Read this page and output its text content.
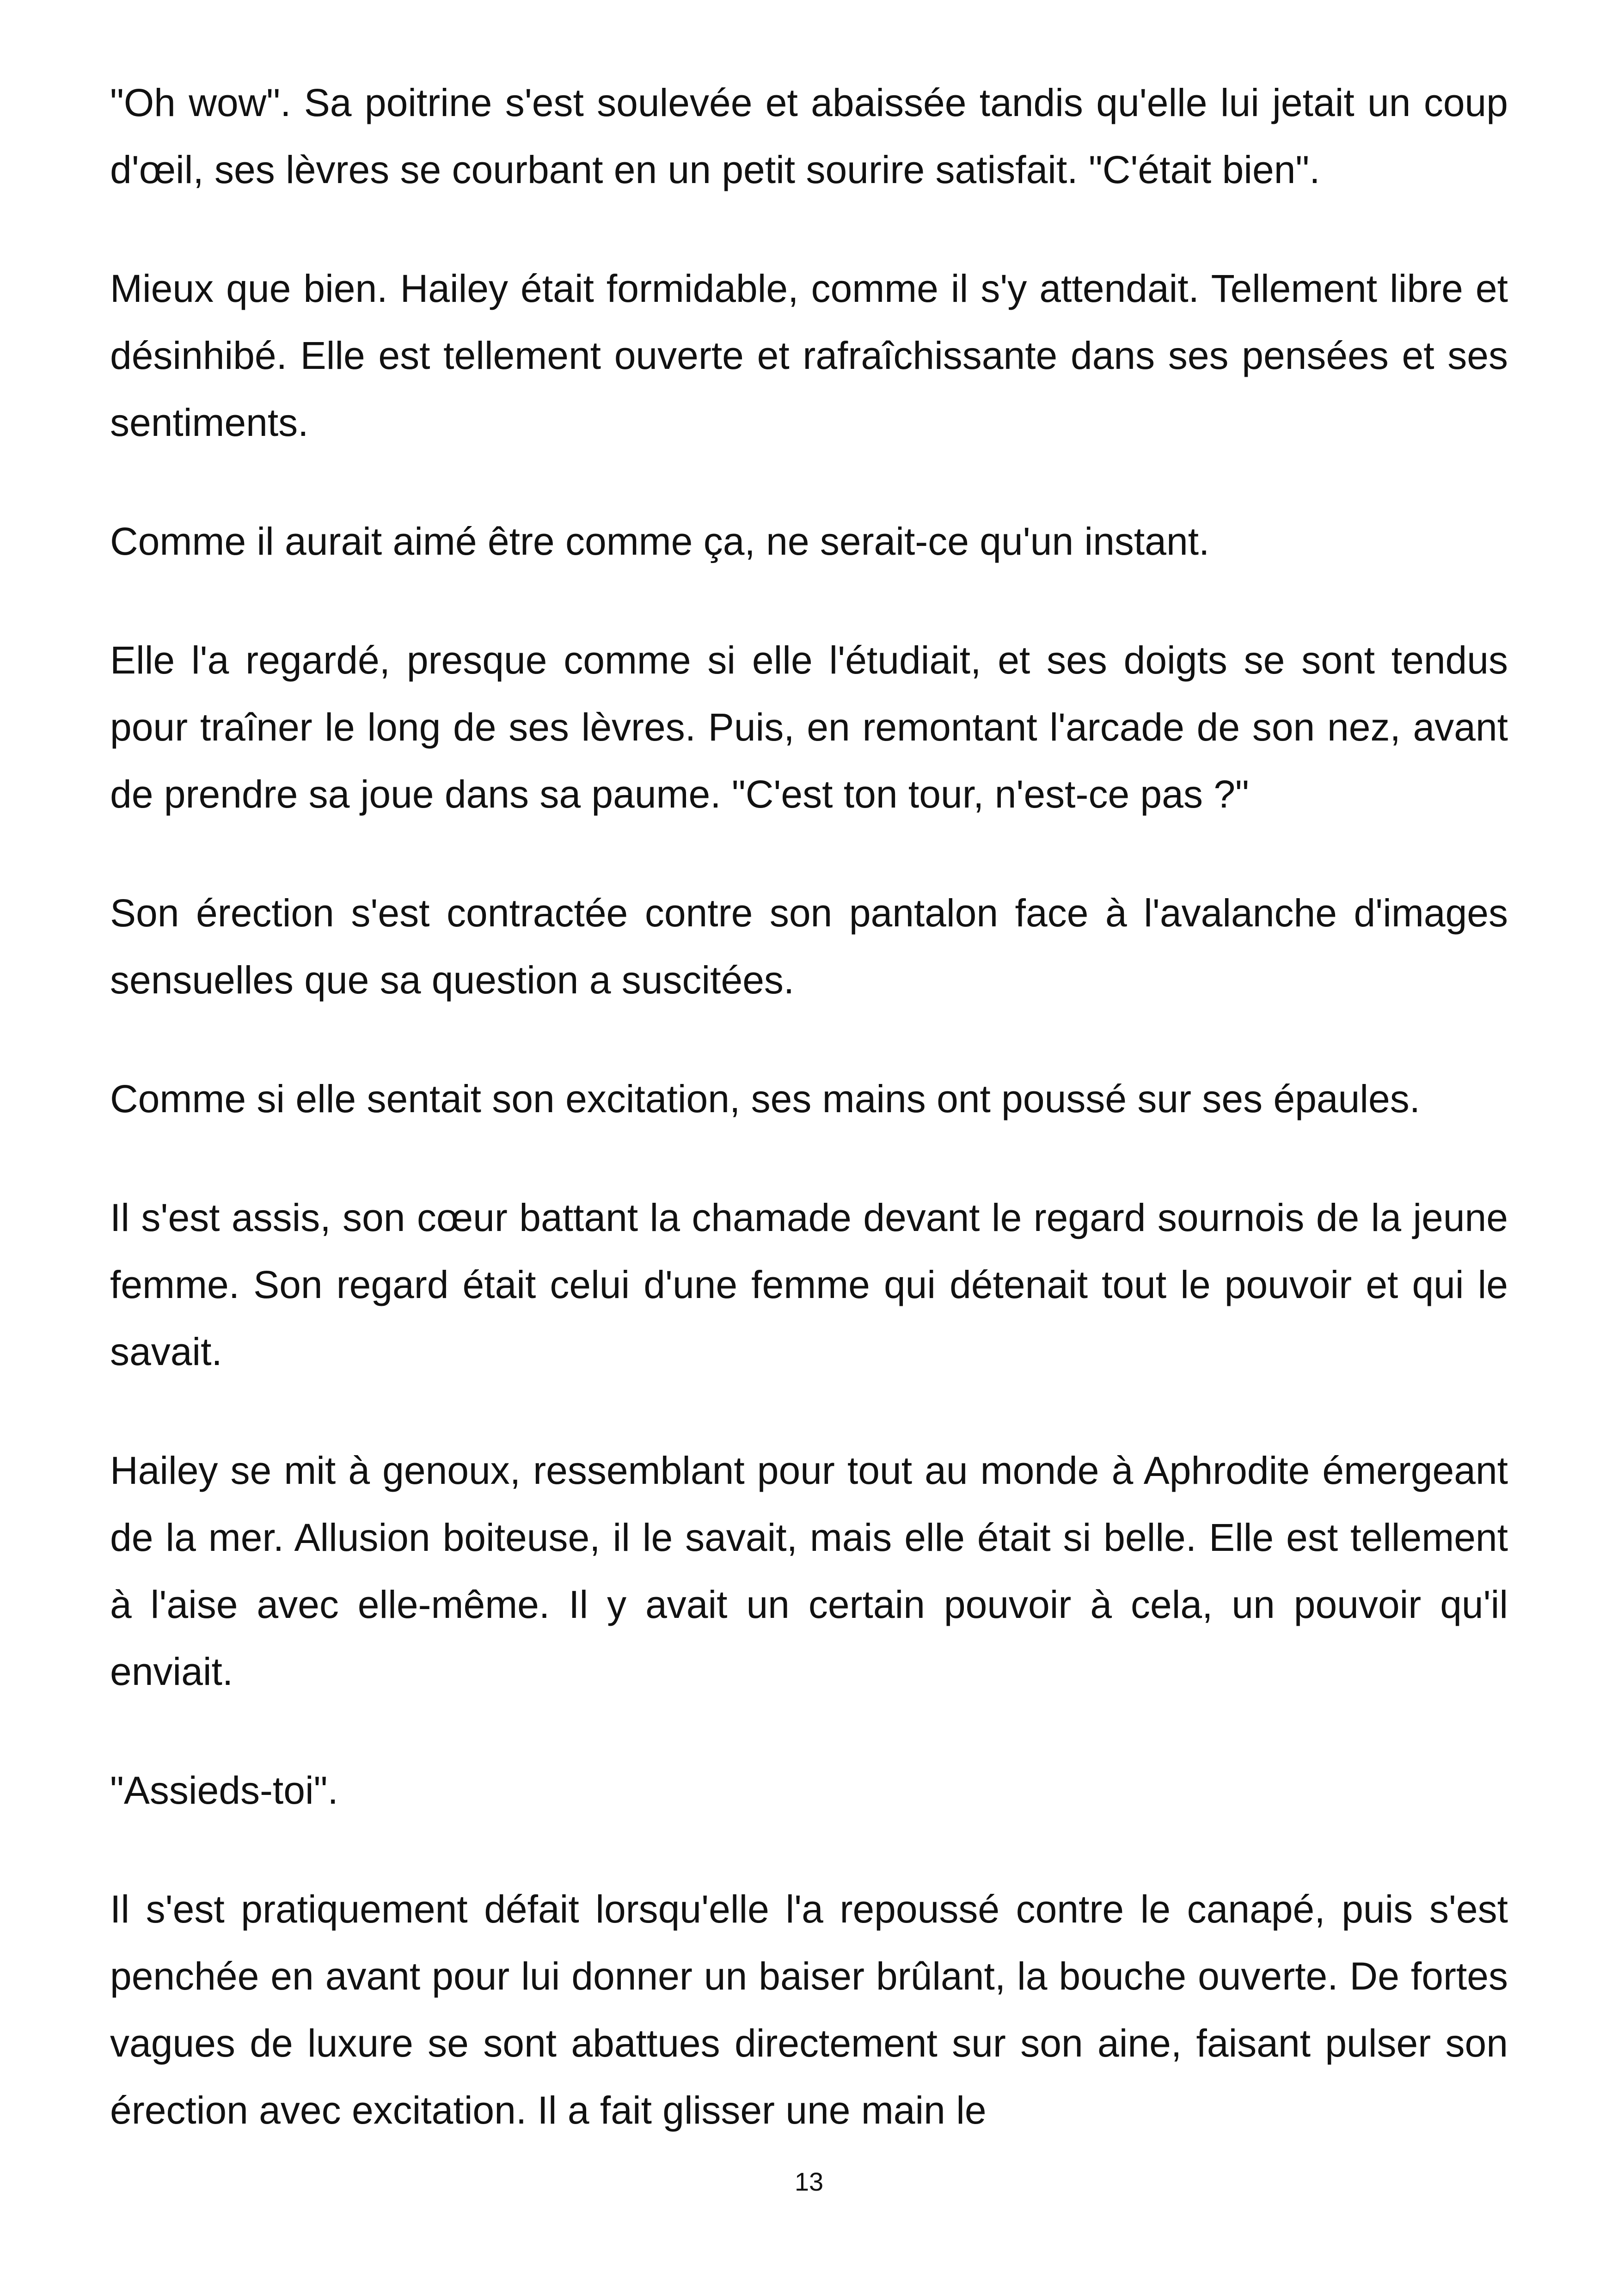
"Oh wow". Sa poitrine s'est soulevée et abaissée tandis qu'elle lui jetait un coup d'œil, ses lèvres se courbant en un petit sourire satisfait. "C'était bien".

Mieux que bien. Hailey était formidable, comme il s'y attendait. Tellement libre et désinhibé. Elle est tellement ouverte et rafraîchissante dans ses pensées et ses sentiments.

Comme il aurait aimé être comme ça, ne serait-ce qu'un instant.

Elle l'a regardé, presque comme si elle l'étudiait, et ses doigts se sont tendus pour traîner le long de ses lèvres. Puis, en remontant l'arcade de son nez, avant de prendre sa joue dans sa paume. "C'est ton tour, n'est-ce pas ?"

Son érection s'est contractée contre son pantalon face à l'avalanche d'images sensuelles que sa question a suscitées.

Comme si elle sentait son excitation, ses mains ont poussé sur ses épaules.

Il s'est assis, son cœur battant la chamade devant le regard sournois de la jeune femme. Son regard était celui d'une femme qui détenait tout le pouvoir et qui le savait.

Hailey se mit à genoux, ressemblant pour tout au monde à Aphrodite émergeant de la mer. Allusion boiteuse, il le savait, mais elle était si belle. Elle est tellement à l'aise avec elle-même. Il y avait un certain pouvoir à cela, un pouvoir qu'il enviait.

"Assieds-toi".

Il s'est pratiquement défait lorsqu'elle l'a repoussé contre le canapé, puis s'est penchée en avant pour lui donner un baiser brûlant, la bouche ouverte. De fortes vagues de luxure se sont abattues directement sur son aine, faisant pulser son érection avec excitation. Il a fait glisser une main le

13
